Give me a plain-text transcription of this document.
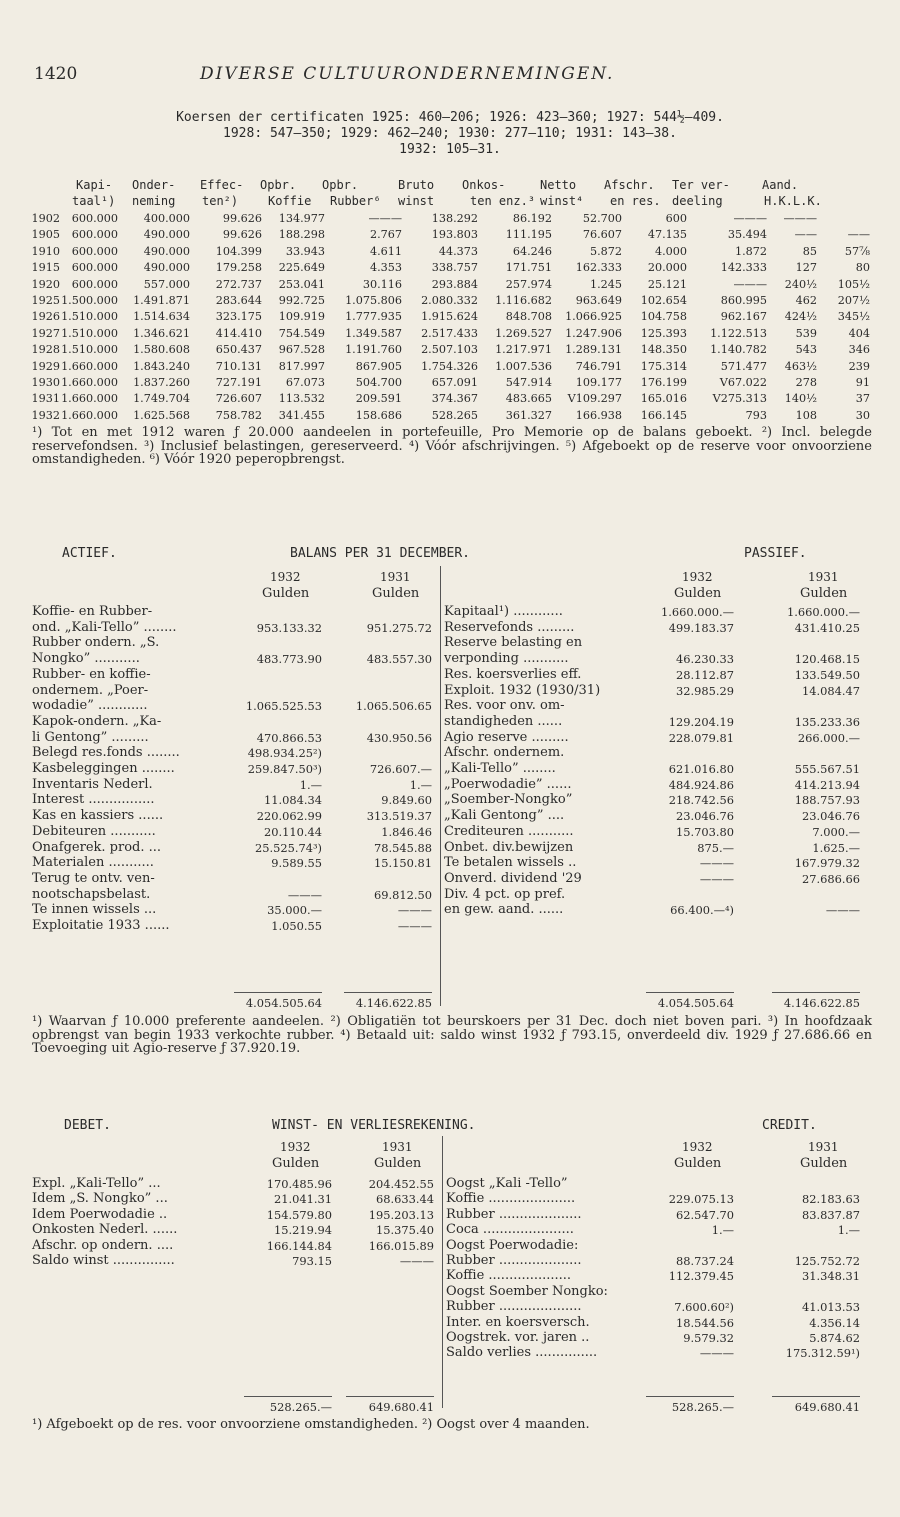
1420	DIVERSE CULTUURONDERNEMINGEN.
Koersen der certificaten 1925: 460—206; 1926: 423—360; 1927: 544½—409.
1928: 547—350; 1929: 462—240; 1930: 277—110; 1931: 143—38.
1932: 105—31.
Kapi- Onder- Effec- Opbr. Opbr.	Bruto Onkos-	Netto Afschr. Ter ver-	Aand.
taal¹) neming ten²) Koffie Rubber⁶ winst	ten enz.³ winst⁴ en res. deeling	H.K.L.K.
1902	600.000	400.000	99.626	134.977	———	138.292	86.192	52.700	600	———	———
1905	600.000	490.000	99.626	188.298	2.767	193.803	111.195	76.607	47.135	35.494	——	——
1910	600.000	490.000	104.399	33.943	4.611	44.373	64.246	5.872	4.000	1.872	85	57⅞
1915	600.000	490.000	179.258	225.649	4.353	338.757	171.751	162.333	20.000	142.333	127	80
1920	600.000	557.000	272.737	253.041	30.116	293.884	257.974	1.245	25.121	———	240½	105½
1925 1.500.000	1.491.871	283.644	992.725	1.075.806	2.080.332	1.116.682	963.649	102.654	860.995	462	207½
1926 1.510.000	1.514.634	323.175	109.919	1.777.935	1.915.624	848.708	1.066.925	104.758	962.167	424½	345½
1927 1.510.000	1.346.621	414.410	754.549	1.349.587	2.517.433	1.269.527	1.247.906	125.393	1.122.513	539	404
1928 1.510.000	1.580.608	650.437	967.528	1.191.760	2.507.103	1.217.971	1.289.131	148.350	1.140.782	543	346
1929 1.660.000	1.843.240	710.131	817.997	867.905	1.754.326	1.007.536	746.791	175.314	571.477	463½	239
1930 1.660.000	1.837.260	727.191	67.073	504.700	657.091	547.914	109.177	176.199	V67.022	278	91
1931 1.660.000	1.749.704	726.607	113.532	209.591	374.367	483.665	V109.297	165.016	V275.313	140½	37
1932 1.660.000	1.625.568	758.782	341.455	158.686	528.265	361.327	166.938	166.145	793	108	30

¹) Tot en met 1912 waren ƒ 20.000 aandeelen in portefeuille, Pro Memorie op de balans geboekt. ²) Incl. belegde reservefondsen. ³) Inclusief belastingen, gereserveerd. ⁴) Vóór afschrijvingen. ⁵) Afgeboekt op de reserve voor onvoorziene omstandigheden. ⁶) Vóór 1920 peperopbrengst.

ACTIEF.	BALANS PER 31 DECEMBER.	PASSIEF.
1932	1931	1932	1931
Gulden	Gulden	Gulden	Gulden
Koffie- en Rubber-
ond. „Kali-Tello” ........	953.133.32	951.275.72
Rubber ondern. „S.
Nongko” ...........	483.773.90	483.557.30
Rubber- en koffie-
ondernem. „Poer-
wodadie” ............	1.065.525.53	1.065.506.65
Kapok-ondern. „Ka-
li Gentong” .........	470.866.53	430.950.56
Belegd res.fonds ........	498.934.25²)
Kasbeleggingen ........	259.847.50³)	726.607.—
Inventaris Nederl.	1.—	1.—
Interest ................	11.084.34	9.849.60
Kas en kassiers ......	220.062.99	313.519.37
Debiteuren ...........	20.110.44	1.846.46
Onafgerek. prod. ...	25.525.74³)	78.545.88
Materialen ...........	9.589.55	15.150.81
Terug te ontv. ven-
nootschapsbelast.	———	69.812.50
Te innen wissels ...	35.000.—	———
Exploitatie 1933 ......	1.050.55	———
Kapitaal¹) ............	1.660.000.—	1.660.000.—
Reservefonds .........	499.183.37	431.410.25
Reserve belasting en
verponding ...........	46.230.33	120.468.15
Res. koersverlies eff.	28.112.87	133.549.50
Exploit. 1932 (1930/31)	32.985.29	14.084.47
Res. voor onv. om-
standigheden ......	129.204.19	135.233.36
Agio reserve .........	228.079.81	266.000.—
Afschr. ondernem.
„Kali-Tello” ........	621.016.80	555.567.51
„Poerwodadie” ......	484.924.86	414.213.94
„Soember-Nongko”	218.742.56	188.757.93
„Kali Gentong” ....	23.046.76	23.046.76
Crediteuren ...........	15.703.80	7.000.—
Onbet. div.bewijzen	875.—	1.625.—
Te betalen wissels ..	———	167.979.32
Onverd. dividend '29	———	27.686.66
Div. 4 pct. op pref.
en gew. aand. ......	66.400.—⁴)	———
4.054.505.64	4.146.622.85	4.054.505.64	4.146.622.85

¹) Waarvan ƒ 10.000 preferente aandeelen. ²) Obligatiën tot beurskoers per 31 Dec. doch niet boven pari. ³) In hoofdzaak opbrengst van begin 1933 verkochte rubber. ⁴) Betaald uit: saldo winst 1932 ƒ 793.15, onverdeeld div. 1929 ƒ 27.686.66 en Toevoeging uit Agio-reserve ƒ 37.920.19.

DEBET.	WINST- EN VERLIESREKENING.	CREDIT.
1932	1931	1932	1931
Gulden	Gulden	Gulden	Gulden
Expl. „Kali-Tello” ...	170.485.96	204.452.55
Idem „S. Nongko” ...	21.041.31	68.633.44
Idem Poerwodadie ..	154.579.80	195.203.13
Onkosten Nederl. ......	15.219.94	15.375.40
Afschr. op ondern. ....	166.144.84	166.015.89
Saldo winst ...............	793.15	———
Oogst „Kali -Tello”
Koffie .....................	229.075.13	82.183.63
Rubber ....................	62.547.70	83.837.87
Coca ......................	1.—	1.—
Oogst Poerwodadie:
Rubber ....................	88.737.24	125.752.72
Koffie ....................	112.379.45	31.348.31
Oogst Soember Nongko:
Rubber ....................	7.600.60²)	41.013.53
Inter. en koersversch.	18.544.56	4.356.14
Oogstrek. vor. jaren ..	9.579.32	5.874.62
Saldo verlies ...............	———	175.312.59¹)
528.265.—	649.680.41	528.265.—	649.680.41

¹) Afgeboekt op de res. voor onvoorziene omstandigheden. ²) Oogst over 4 maanden.
